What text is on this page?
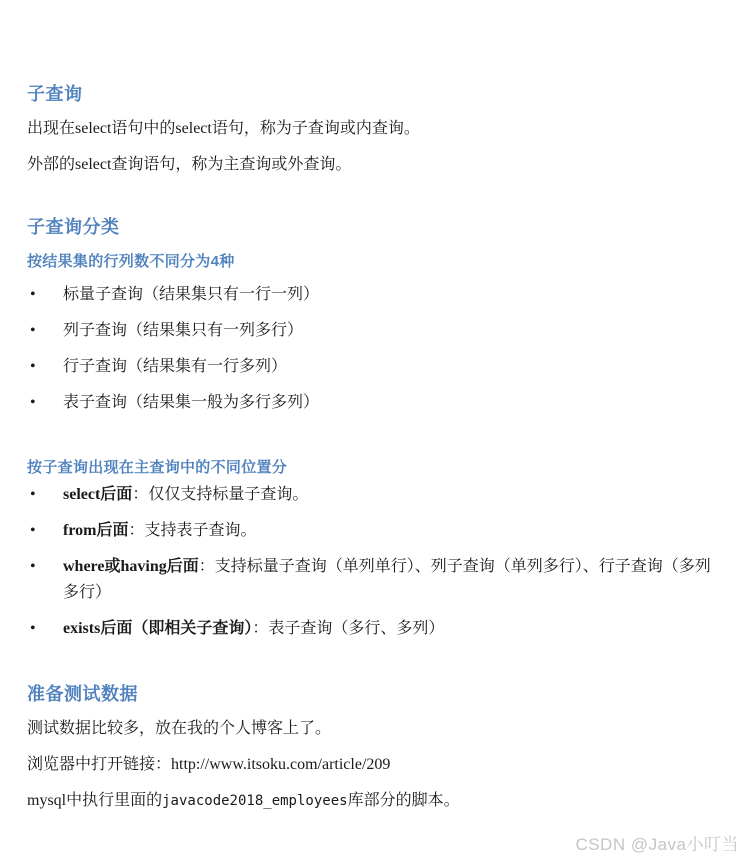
子查询

出现在select语句中的select语句，称为子查询或内查询。

外部的select查询语句，称为主查询或外查询。

子查询分类
按结果集的行列数不同分为4种
• 标量子查询（结果集只有一行一列）
• 列子查询（结果集只有一列多行）
• 行子查询（结果集有一行多列）
• 表子查询（结果集一般为多行多列）
按子查询出现在主查询中的不同位置分
• select后面：仅仅支持标量子查询。
• from后面：支持表子查询。
• where或having后面：支持标量子查询（单列单行）、列子查询（单列多行）、行子查询（多列多行）
• exists后面（即相关子查询）：表子查询（多行、多列）
准备测试数据

测试数据比较多，放在我的个人博客上了。

浏览器中打开链接：http://www.itsoku.com/article/209

mysql中执行里面的javacode2018_employees库部分的脚本。

CSDN @Java小叮当
